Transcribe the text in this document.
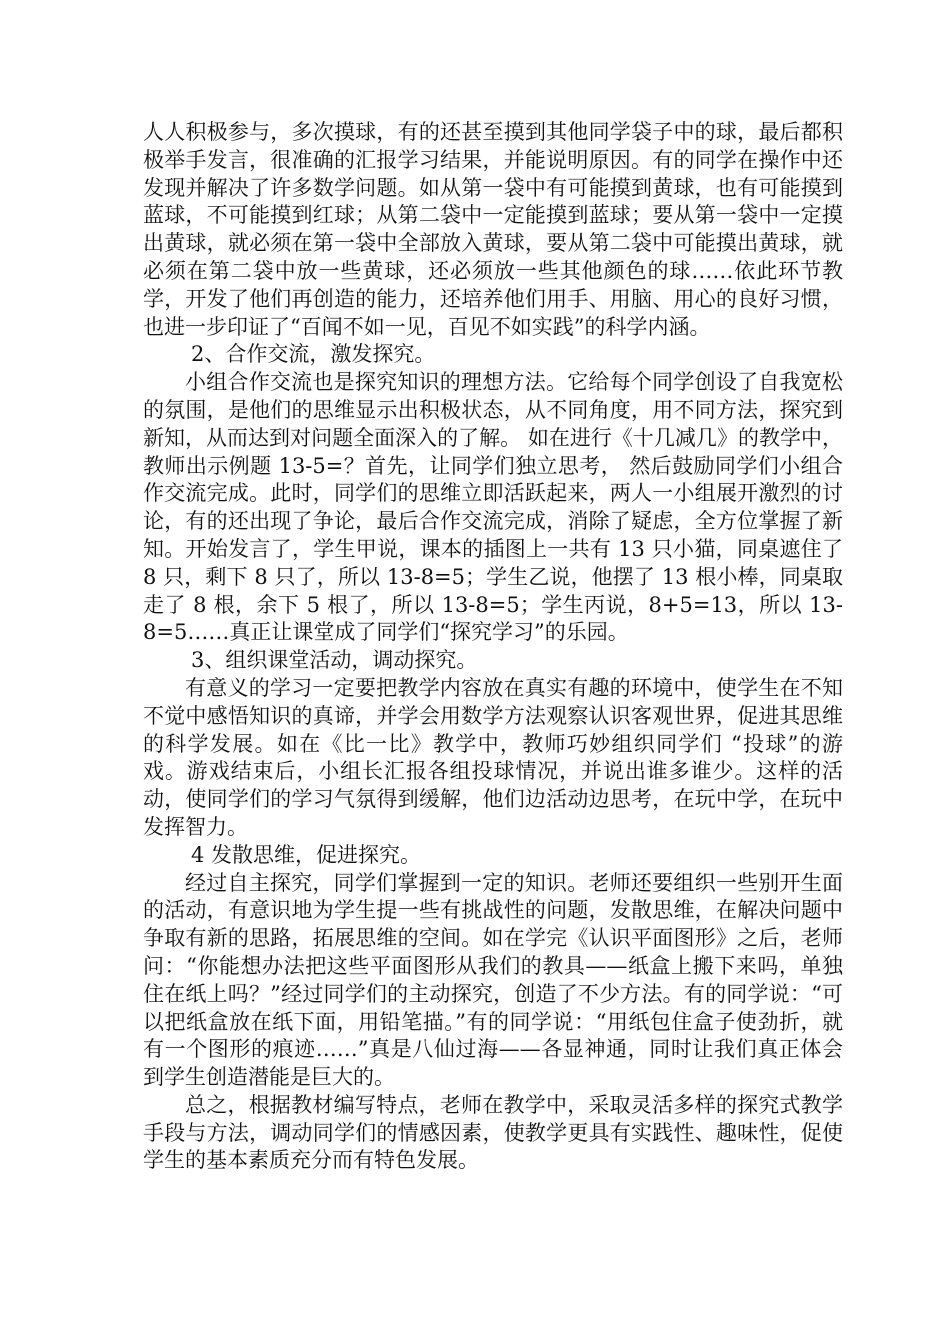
人人积极参与，多次摸球，有的还甚至摸到其他同学袋子中的球，最后都积极举手发言，很准确的汇报学习结果，并能说明原因。有的同学在操作中还发现并解决了许多数学问题。如从第一袋中有可能摸到黄球，也有可能摸到蓝球，不可能摸到红球；从第二袋中一定能摸到蓝球；要从第一袋中一定摸出黄球，就必须在第一袋中全部放入黄球，要从第二袋中可能摸出黄球，就必须在第二袋中放一些黄球，还必须放一些其他颜色的球……依此环节教学，开发了他们再创造的能力，还培养他们用手、用脑、用心的良好习惯，也进一步印证了“百闻不如一见，百见不如实践”的科学内涵。

2、合作交流，激发探究。

小组合作交流也是探究知识的理想方法。它给每个同学创设了自我宽松的氛围，是他们的思维显示出积极状态，从不同角度，用不同方法，探究到新知，从而达到对问题全面深入的了解。 如在进行《十几减几》的教学中，教师出示例题 13-5=？首先，让同学们独立思考， 然后鼓励同学们小组合作交流完成。此时，同学们的思维立即活跃起来，两人一小组展开激烈的讨论，有的还出现了争论，最后合作交流完成，消除了疑虑，全方位掌握了新知。开始发言了，学生甲说，课本的插图上一共有 13 只小猫，同桌遮住了 8 只，剩下 8 只了，所以 13-8=5；学生乙说，他摆了 13 根小棒，同桌取走了 8 根，余下 5 根了，所以 13-8=5；学生丙说，8+5=13，所以 13-8=5……真正让课堂成了同学们“探究学习”的乐园。

3、组织课堂活动，调动探究。

有意义的学习一定要把教学内容放在真实有趣的环境中，使学生在不知不觉中感悟知识的真谛，并学会用数学方法观察认识客观世界，促进其思维的科学发展。如在《比一比》教学中，教师巧妙组织同学们 “投球”的游戏。游戏结束后，小组长汇报各组投球情况，并说出谁多谁少。这样的活动，使同学们的学习气氛得到缓解，他们边活动边思考，在玩中学，在玩中发挥智力。

4 发散思维，促进探究。

经过自主探究，同学们掌握到一定的知识。老师还要组织一些别开生面的活动，有意识地为学生提一些有挑战性的问题，发散思维，在解决问题中争取有新的思路，拓展思维的空间。如在学完《认识平面图形》之后，老师问：“你能想办法把这些平面图形从我们的教具——纸盒上搬下来吗，单独住在纸上吗？”经过同学们的主动探究，创造了不少方法。有的同学说：“可以把纸盒放在纸下面，用铅笔描。”有的同学说：“用纸包住盒子使劲折，就有一个图形的痕迹……”真是八仙过海——各显神通，同时让我们真正体会到学生创造潜能是巨大的。

总之，根据教材编写特点，老师在教学中，采取灵活多样的探究式教学手段与方法，调动同学们的情感因素，使教学更具有实践性、趣味性，促使学生的基本素质充分而有特色发展。
